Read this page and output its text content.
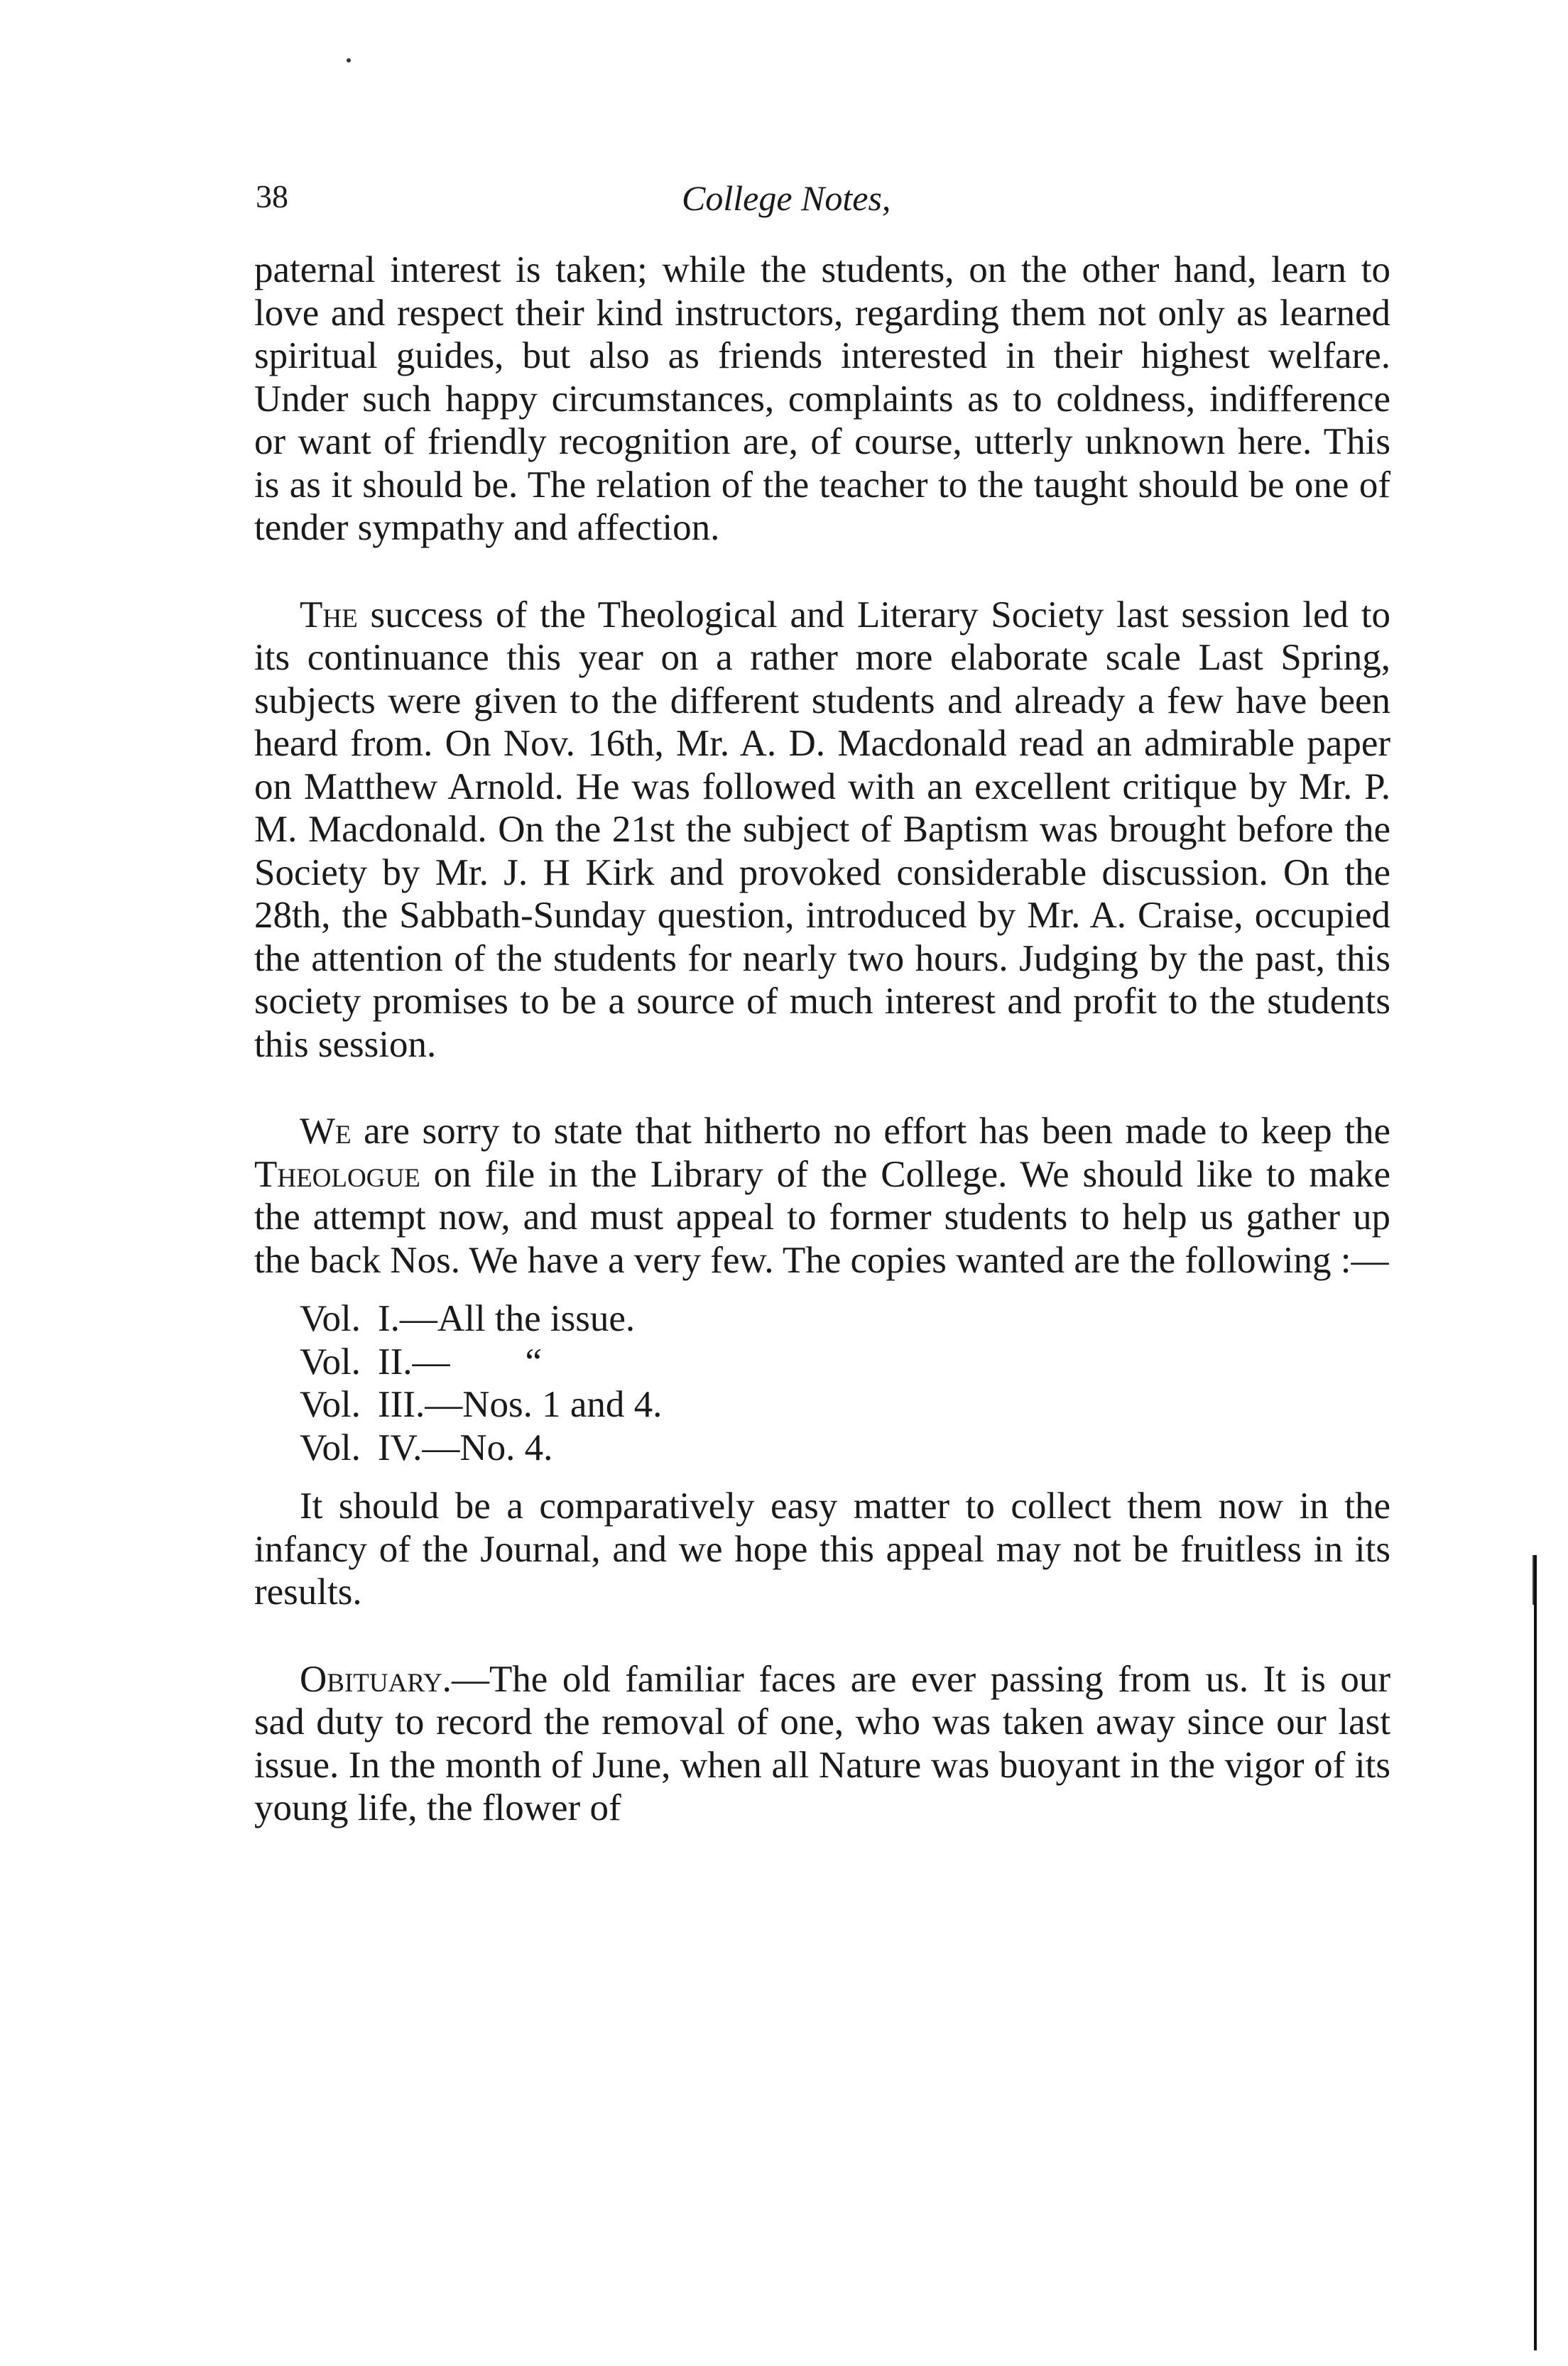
38	College Notes,

paternal interest is taken; while the students, on the other hand, learn to love and respect their kind instructors, regarding them not only as learned spiritual guides, but also as friends interested in their highest welfare. Under such happy circumstances, complaints as to coldness, indifference or want of friendly recognition are, of course, utterly unknown here. This is as it should be. The relation of the teacher to the taught should be one of tender sympathy and affection.

The success of the Theological and Literary Society last session led to its continuance this year on a rather more elaborate scale Last Spring, subjects were given to the different students and already a few have been heard from. On Nov. 16th, Mr. A. D. Macdonald read an admirable paper on Matthew Arnold. He was followed with an excellent critique by Mr. P. M. Macdonald. On the 21st the subject of Baptism was brought before the Society by Mr. J. H Kirk and provoked considerable discussion. On the 28th, the Sabbath-Sunday question, introduced by Mr. A. Craise, occupied the attention of the students for nearly two hours. Judging by the past, this society promises to be a source of much interest and profit to the students this session.

We are sorry to state that hitherto no effort has been made to keep the Theologue on file in the Library of the College. We should like to make the attempt now, and must appeal to former students to help us gather up the back Nos. We have a very few. The copies wanted are the following :—

Vol. I.—All the issue.
Vol. II.—        “
Vol. III.—Nos. 1 and 4.
Vol. IV.—No. 4.

It should be a comparatively easy matter to collect them now in the infancy of the Journal, and we hope this appeal may not be fruitless in its results.

Obituary.—The old familiar faces are ever passing from us. It is our sad duty to record the removal of one, who was taken away since our last issue. In the month of June, when all Nature was buoyant in the vigor of its young life, the flower of
